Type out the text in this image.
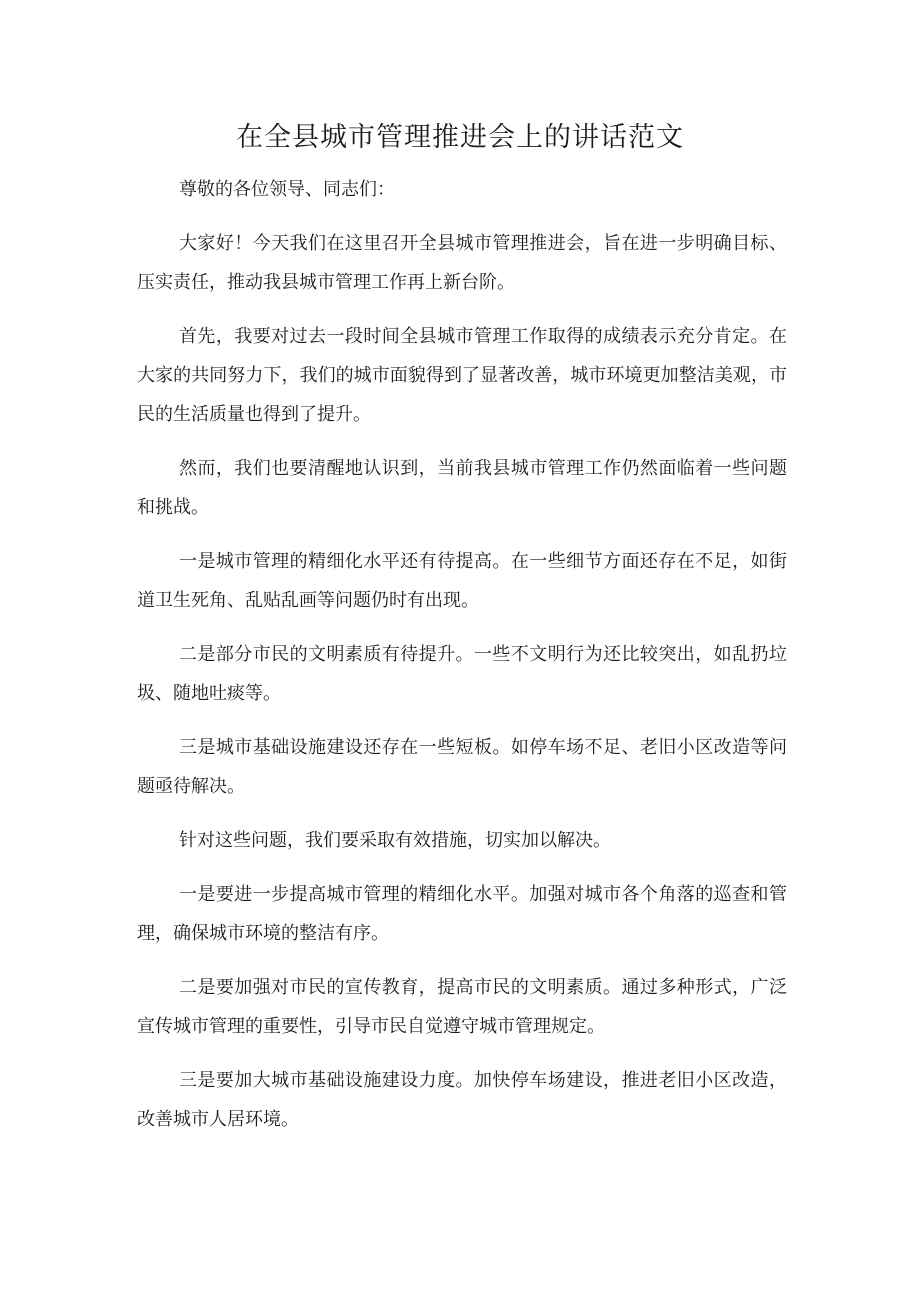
在全县城市管理推进会上的讲话范文

尊敬的各位领导、同志们：

大家好！今天我们在这里召开全县城市管理推进会，旨在进一步明确目标、压实责任，推动我县城市管理工作再上新台阶。

首先，我要对过去一段时间全县城市管理工作取得的成绩表示充分肯定。在大家的共同努力下，我们的城市面貌得到了显著改善，城市环境更加整洁美观，市民的生活质量也得到了提升。

然而，我们也要清醒地认识到，当前我县城市管理工作仍然面临着一些问题和挑战。

一是城市管理的精细化水平还有待提高。在一些细节方面还存在不足，如街道卫生死角、乱贴乱画等问题仍时有出现。

二是部分市民的文明素质有待提升。一些不文明行为还比较突出，如乱扔垃圾、随地吐痰等。

三是城市基础设施建设还存在一些短板。如停车场不足、老旧小区改造等问题亟待解决。

针对这些问题，我们要采取有效措施，切实加以解决。

一是要进一步提高城市管理的精细化水平。加强对城市各个角落的巡查和管理，确保城市环境的整洁有序。

二是要加强对市民的宣传教育，提高市民的文明素质。通过多种形式，广泛宣传城市管理的重要性，引导市民自觉遵守城市管理规定。

三是要加大城市基础设施建设力度。加快停车场建设，推进老旧小区改造，改善城市人居环境。
